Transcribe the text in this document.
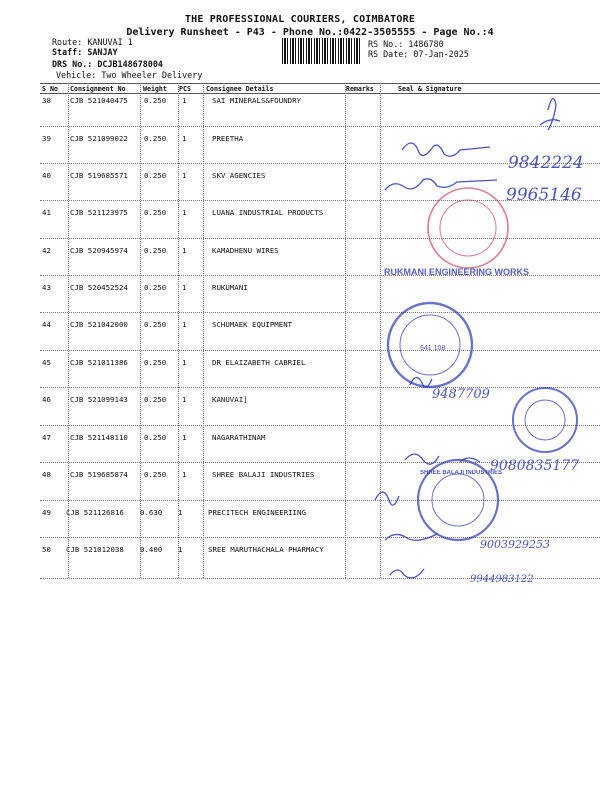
THE PROFESSIONAL COURIERS, COIMBATORE
Delivery Runsheet - P43 - Phone No.:0422-3505555 - Page No.:4
Route: KANUVAI 1
Staff: SANJAY
DRS No.: DCJB148678004
Vehicle: Two Wheeler Delivery
RS No.: 1486780
RS Date: 07-Jan-2025
S No Consignment No	Weight PCS Consignee Details	Remarks	Seal & Signature
38	CJB 521040475 0.250 1	SAI MINERALS&FOUNDRY
39	CJB 521099022 0.250 1	PREETHA
40	CJB 519685571 0.250 1	SKV AGENCIES
41	CJB 521123975 0.250 1	LUANA INDUSTRIAL PRODUCTS
42	CJB 520945974 0.250 1	KAMADHENU WIRES
43	CJB 520452524 0.250 1	RUKUMANI
44	CJB 521042000 0.250 1	SCHUMAEK EQUIPMENT
45	CJB 521011386 0.250 1	DR ELAIZABETH CABRIEL
46	CJB 521099143 0.250 1	KANUVAI]
47	CJB 521148110 0.250 1	NAGARATHINAM
48	CJB 519685874 0.250 1	SHREE BALAJI INDUSTRIES
49 CJB 521126816 0.630 1	PRECITECH ENGINEERIING
50 CJB 521012038 0.400 1	SREE MARUTHACHALA PHARMACY
9842224
9965146
9487709
9080835177
9003929253
9944983122
RUKMANI ENGINEERING WORKS
641 108
SHREE BALAJI INDUSTRIES
